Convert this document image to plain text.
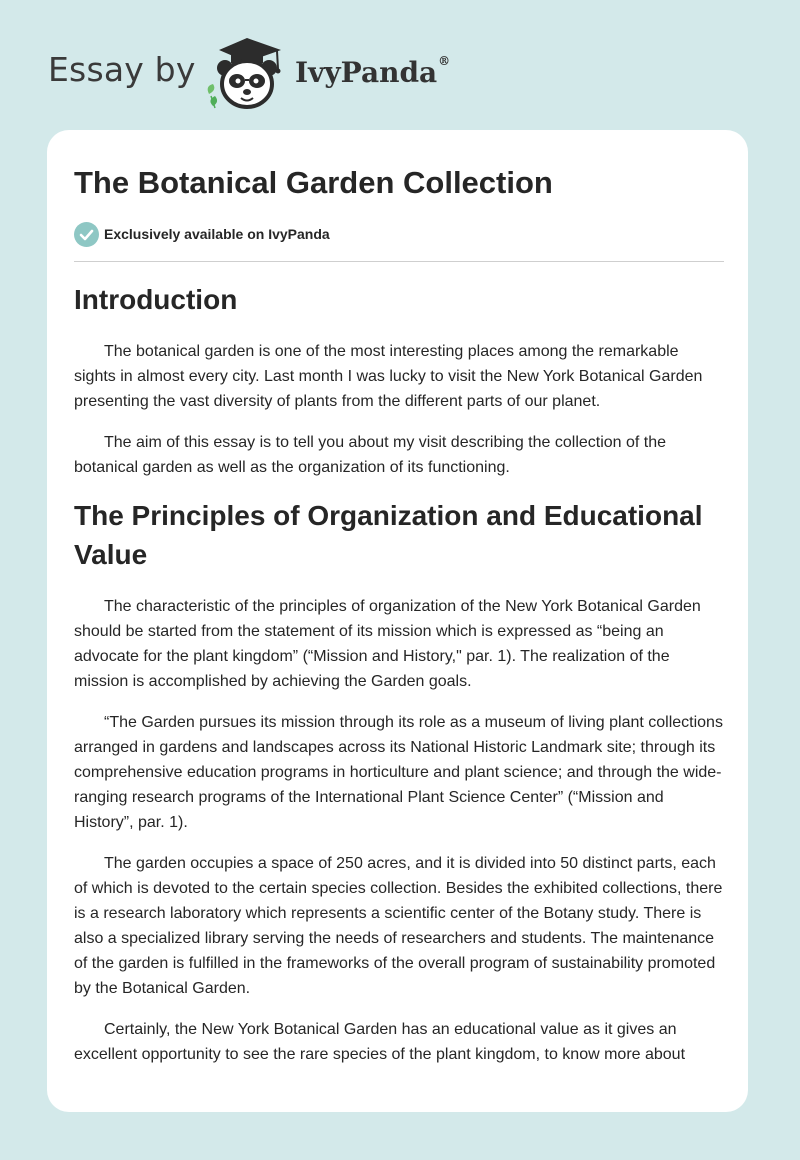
Essay by	IvyPanda®
The Botanical Garden Collection
Exclusively available on IvyPanda
Introduction

The botanical garden is one of the most interesting places among the remarkable sights in almost every city. Last month I was lucky to visit the New York Botanical Garden presenting the vast diversity of plants from the different parts of our planet.

The aim of this essay is to tell you about my visit describing the collection of the botanical garden as well as the organization of its functioning.

The Principles of Organization and Educational Value

The characteristic of the principles of organization of the New York Botanical Garden should be started from the statement of its mission which is expressed as “being an advocate for the plant kingdom” (“Mission and History," par. 1). The realization of the mission is accomplished by achieving the Garden goals.

“The Garden pursues its mission through its role as a museum of living plant collections arranged in gardens and landscapes across its National Historic Landmark site; through its comprehensive education programs in horticulture and plant science; and through the wide-ranging research programs of the International Plant Science Center” (“Mission and History”, par. 1).

The garden occupies a space of 250 acres, and it is divided into 50 distinct parts, each of which is devoted to the certain species collection. Besides the exhibited collections, there is a research laboratory which represents a scientific center of the Botany study. There is also a specialized library serving the needs of researchers and students. The maintenance of the garden is fulfilled in the frameworks of the overall program of sustainability promoted by the Botanical Garden.

Certainly, the New York Botanical Garden has an educational value as it gives an excellent opportunity to see the rare species of the plant kingdom, to know more about
